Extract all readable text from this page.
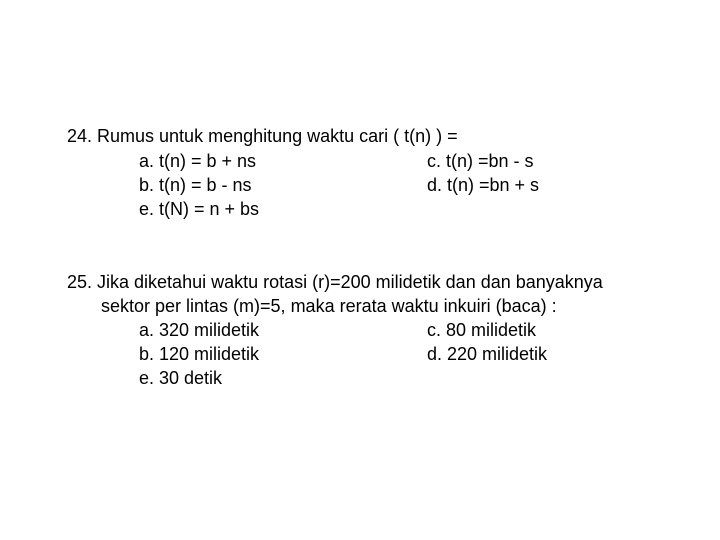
24. Rumus untuk menghitung waktu cari ( t(n) ) =
a. t(n) = b + ns	c. t(n) =bn - s
b. t(n) = b - ns	d. t(n) =bn + s
e. t(N) = n + bs
25. Jika diketahui waktu rotasi (r)=200 milidetik dan dan banyaknya
sektor per lintas (m)=5, maka rerata waktu inkuiri (baca) :
a. 320 milidetik	c. 80 milidetik
b. 120 milidetik	d. 220 milidetik
e. 30 detik
